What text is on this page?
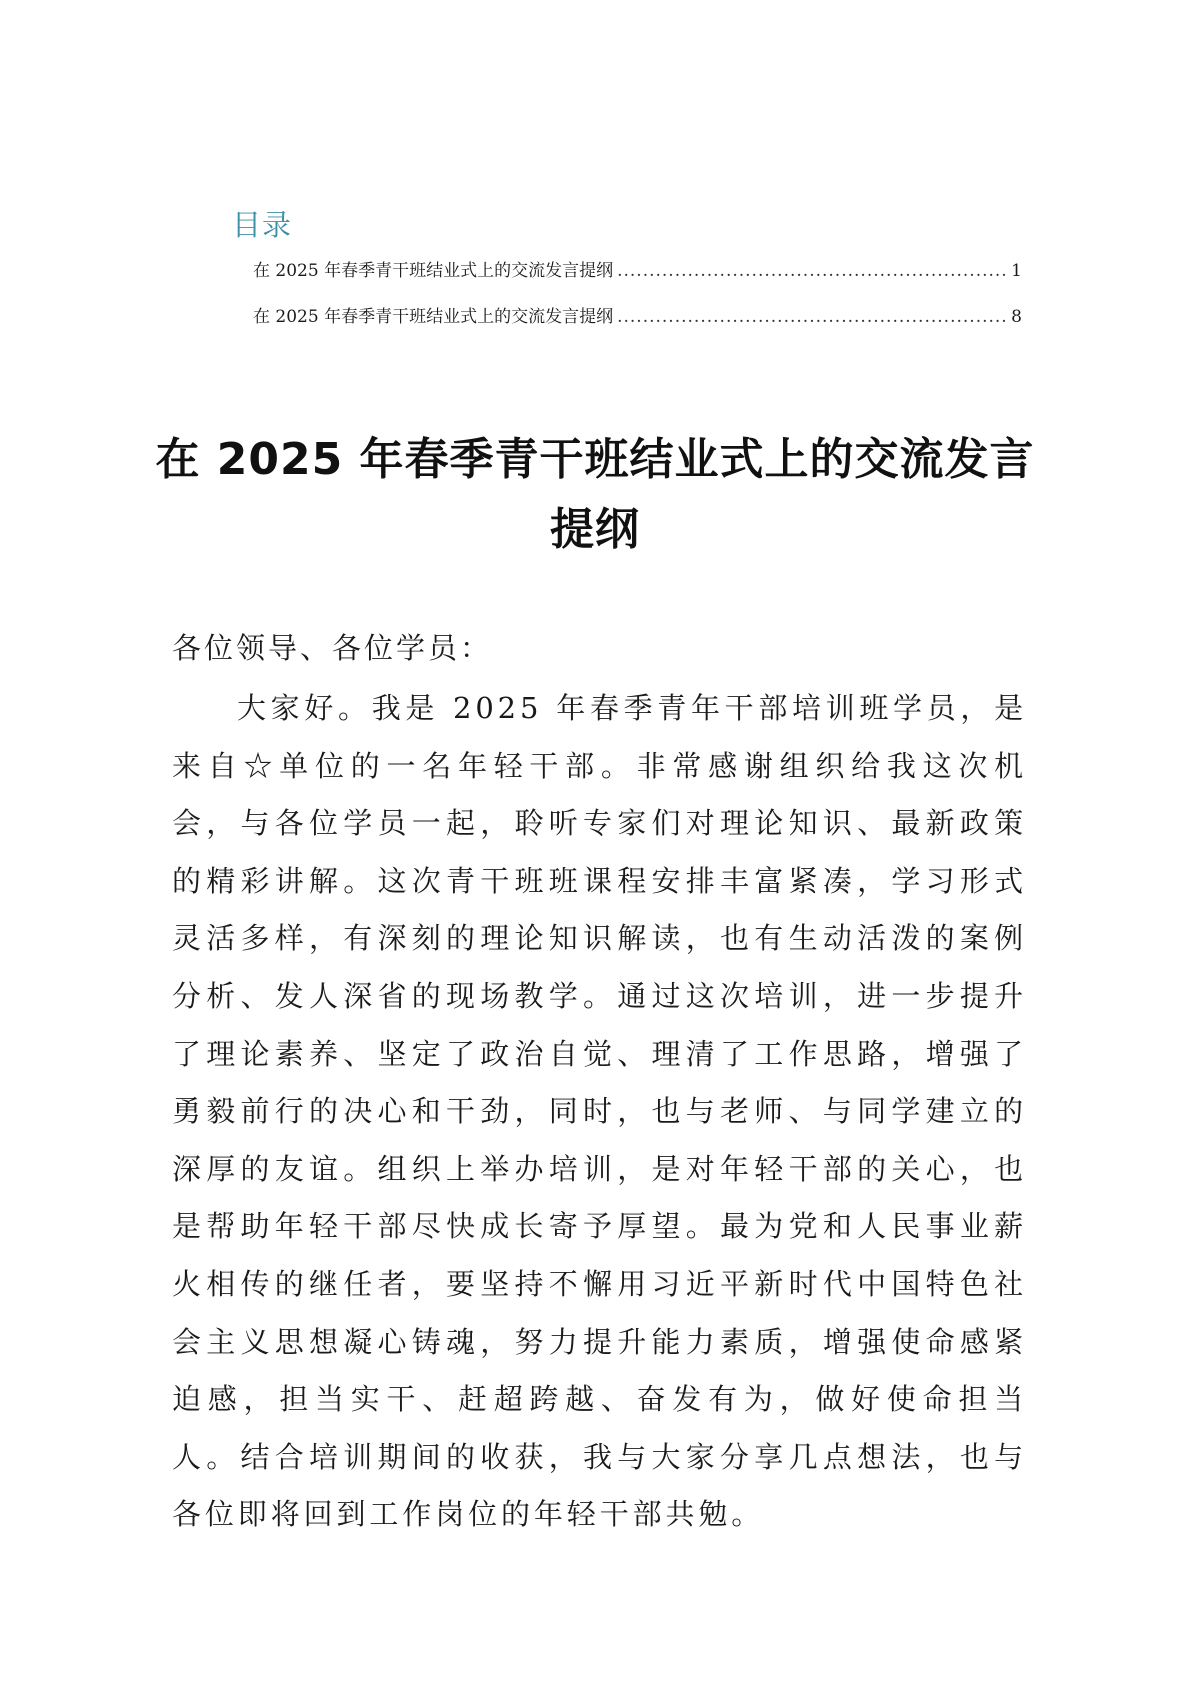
目录
在 2025 年春季青干班结业式上的交流发言提纲 .....	1
在 2025 年春季青干班结业式上的交流发言提纲 .....	8
在 2025 年春季青干班结业式上的交流发言提纲

各位领导、各位学员：

大家好。我是 2025 年春季青年干部培训班学员，是来自☆单位的一名年轻干部。非常感谢组织给我这次机会，与各位学员一起，聆听专家们对理论知识、最新政策的精彩讲解。这次青干班班课程安排丰富紧凑，学习形式灵活多样，有深刻的理论知识解读，也有生动活泼的案例分析、发人深省的现场教学。通过这次培训，进一步提升了理论素养、坚定了政治自觉、理清了工作思路，增强了勇毅前行的决心和干劲，同时，也与老师、与同学建立的深厚的友谊。组织上举办培训，是对年轻干部的关心，也是帮助年轻干部尽快成长寄予厚望。最为党和人民事业薪火相传的继任者，要坚持不懈用习近平新时代中国特色社会主义思想凝心铸魂，努力提升能力素质，增强使命感紧迫感，担当实干、赶超跨越、奋发有为，做好使命担当人。结合培训期间的收获，我与大家分享几点想法，也与各位即将回到工作岗位的年轻干部共勉。
